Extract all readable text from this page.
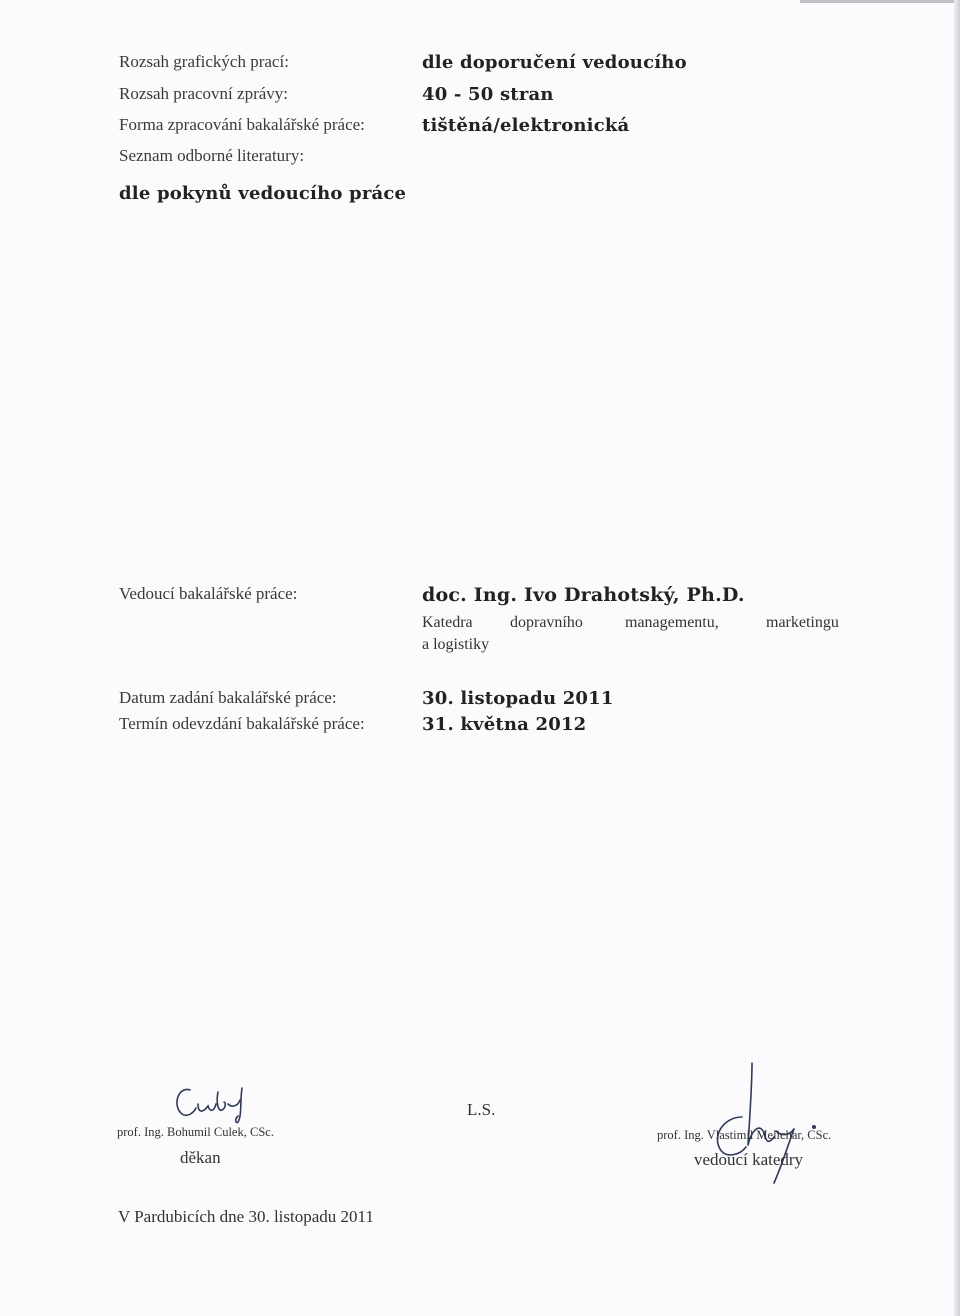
Rozsah grafických prací:	dle doporučení vedoucího
Rozsah pracovní zprávy:	40 - 50 stran
Forma zpracování bakalářské práce:	tištěná/elektronická
Seznam odborné literatury:
dle pokynů vedoucího práce
Vedoucí bakalářské práce:	doc. Ing. Ivo Drahotský, Ph.D.
Katedra dopravního	managementu,	marketingu
a logistiky
Datum zadání bakalářské práce:	30. listopadu 2011
Termín odevzdání bakalářské práce:	31. května 2012
prof. Ing. Bohumil Culek, CSc.
děkan
L.S.
prof. Ing. Vlastimil Melichar, CSc.
vedoucí katedry
V Pardubicích dne 30. listopadu 2011
